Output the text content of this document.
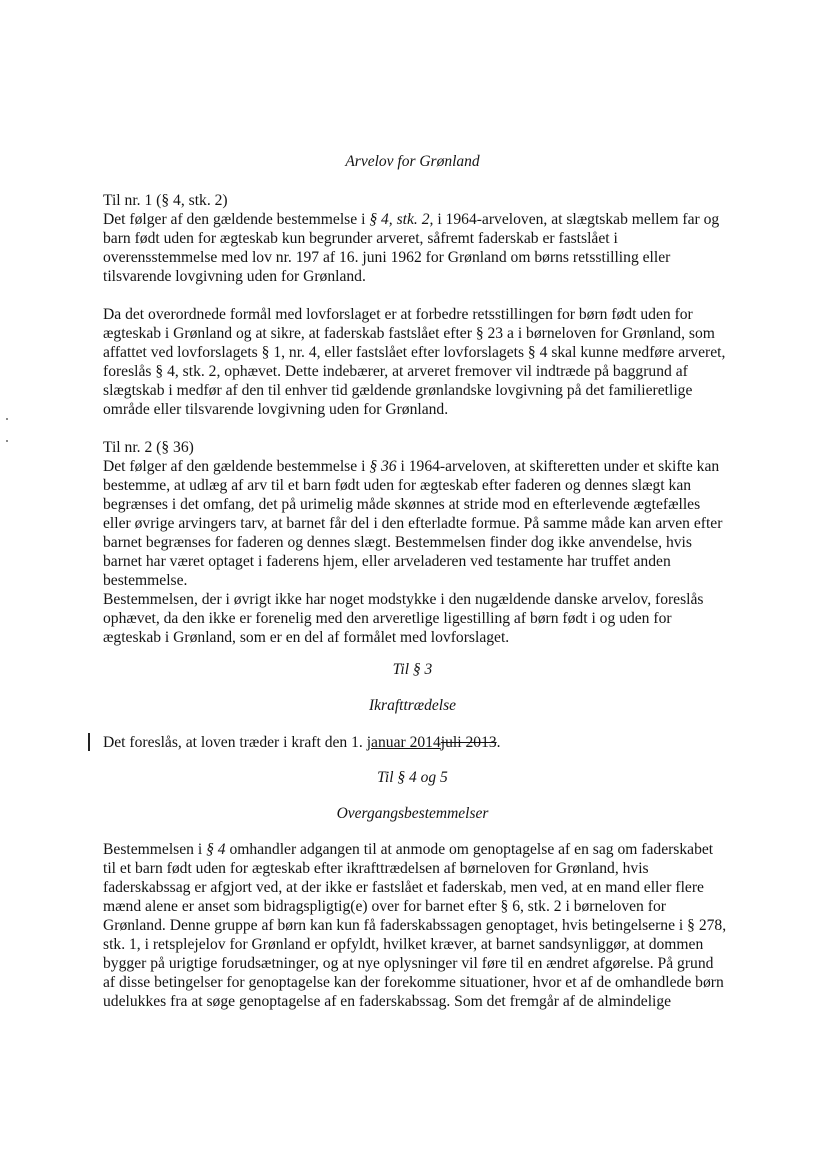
Arvelov for Grønland
Til nr. 1 (§ 4, stk. 2)
Det følger af den gældende bestemmelse i § 4, stk. 2, i 1964-arveloven, at slægtskab mellem far og
barn født uden for ægteskab kun begrunder arveret, såfremt faderskab er fastslået i
overensstemmelse med lov nr. 197 af 16. juni 1962 for Grønland om børns retsstilling eller
tilsvarende lovgivning uden for Grønland.
Da det overordnede formål med lovforslaget er at forbedre retsstillingen for børn født uden for
ægteskab i Grønland og at sikre, at faderskab fastslået efter § 23 a i børneloven for Grønland, som
affattet ved lovforslagets § 1, nr. 4, eller fastslået efter lovforslagets § 4 skal kunne medføre arveret,
foreslås § 4, stk. 2, ophævet. Dette indebærer, at arveret fremover vil indtræde på baggrund af
slægtskab i medfør af den til enhver tid gældende grønlandske lovgivning på det familieretlige
område eller tilsvarende lovgivning uden for Grønland.
Til nr. 2 (§ 36)
Det følger af den gældende bestemmelse i § 36 i 1964-arveloven, at skifteretten under et skifte kan
bestemme, at udlæg af arv til et barn født uden for ægteskab efter faderen og dennes slægt kan
begrænses i det omfang, det på urimelig måde skønnes at stride mod en efterlevende ægtefælles
eller øvrige arvingers tarv, at barnet får del i den efterladte formue. På samme måde kan arven efter
barnet begrænses for faderen og dennes slægt. Bestemmelsen finder dog ikke anvendelse, hvis
barnet har været optaget i faderens hjem, eller arveladeren ved testamente har truffet anden
bestemmelse.
Bestemmelsen, der i øvrigt ikke har noget modstykke i den nugældende danske arvelov, foreslås
ophævet, da den ikke er forenelig med den arveretlige ligestilling af børn født i og uden for
ægteskab i Grønland, som er en del af formålet med lovforslaget.
Til § 3
Ikrafttrædelse
Det foreslås, at loven træder i kraft den 1. januar 2014juli 2013.
Til § 4 og 5
Overgangsbestemmelser
Bestemmelsen i § 4 omhandler adgangen til at anmode om genoptagelse af en sag om faderskabet
til et barn født uden for ægteskab efter ikrafttrædelsen af børneloven for Grønland, hvis
faderskabssag er afgjort ved, at der ikke er fastslået et faderskab, men ved, at en mand eller flere
mænd alene er anset som bidragspligtig(e) over for barnet efter § 6, stk. 2 i børneloven for
Grønland. Denne gruppe af børn kan kun få faderskabssagen genoptaget, hvis betingelserne i § 278,
stk. 1, i retsplejelov for Grønland er opfyldt, hvilket kræver, at barnet sandsynliggør, at dommen
bygger på urigtige forudsætninger, og at nye oplysninger vil føre til en ændret afgørelse. På grund
af disse betingelser for genoptagelse kan der forekomme situationer, hvor et af de omhandlede børn
udelukkes fra at søge genoptagelse af en faderskabssag. Som det fremgår af de almindelige
